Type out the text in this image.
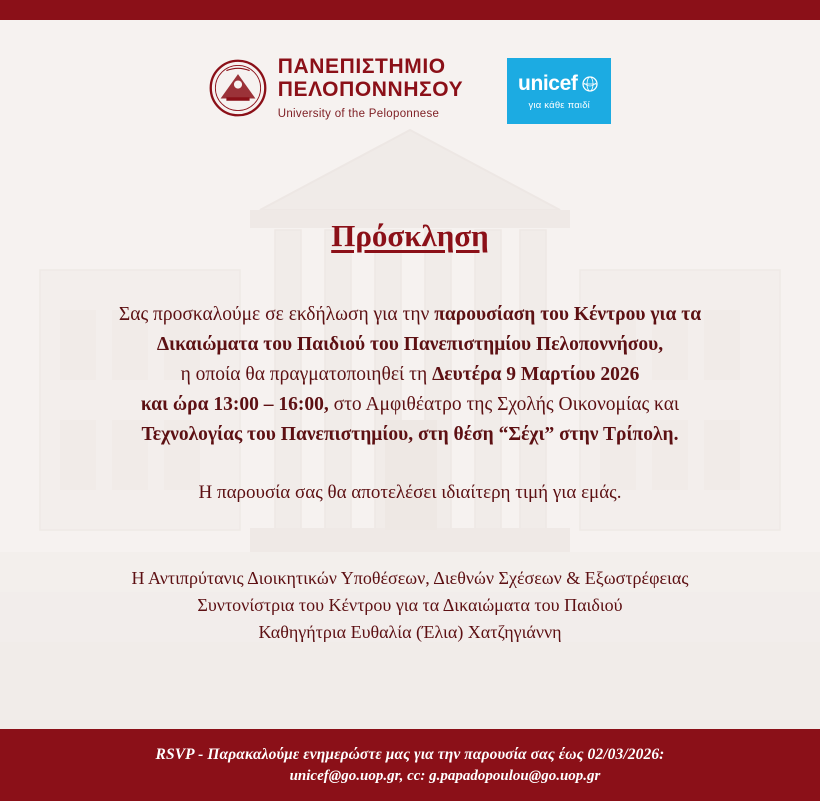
ΠΑΝΕΠΙΣΤΗΜΙΟ
ΠΕΛΟΠΟΝΝΗΣΟΥ
University of the Peloponnese
unicef
για κάθε παιδί
Πρόσκληση
Σας προσκαλούμε σε εκδήλωση για την παρουσίαση του Κέντρου για τα
Δικαιώματα του Παιδιού του Πανεπιστημίου Πελοποννήσου,
η οποία θα πραγματοποιηθεί τη Δευτέρα 9 Μαρτίου 2026
και ώρα 13:00 – 16:00, στο Αμφιθέατρο της Σχολής Οικονομίας και
Τεχνολογίας του Πανεπιστημίου, στη θέση “Σέχι” στην Τρίπολη.
Η παρουσία σας θα αποτελέσει ιδιαίτερη τιμή για εμάς.
Η Αντιπρύτανις Διοικητικών Υποθέσεων, Διεθνών Σχέσεων & Εξωστρέφειας
Συντονίστρια του Κέντρου για τα Δικαιώματα του Παιδιού
Καθηγήτρια Ευθαλία (Έλια) Χατζηγιάννη
RSVP - Παρακαλούμε ενημερώστε μας για την παρουσία σας έως 02/03/2026:
unicef@go.uop.gr, cc: g.papadopoulou@go.uop.gr
